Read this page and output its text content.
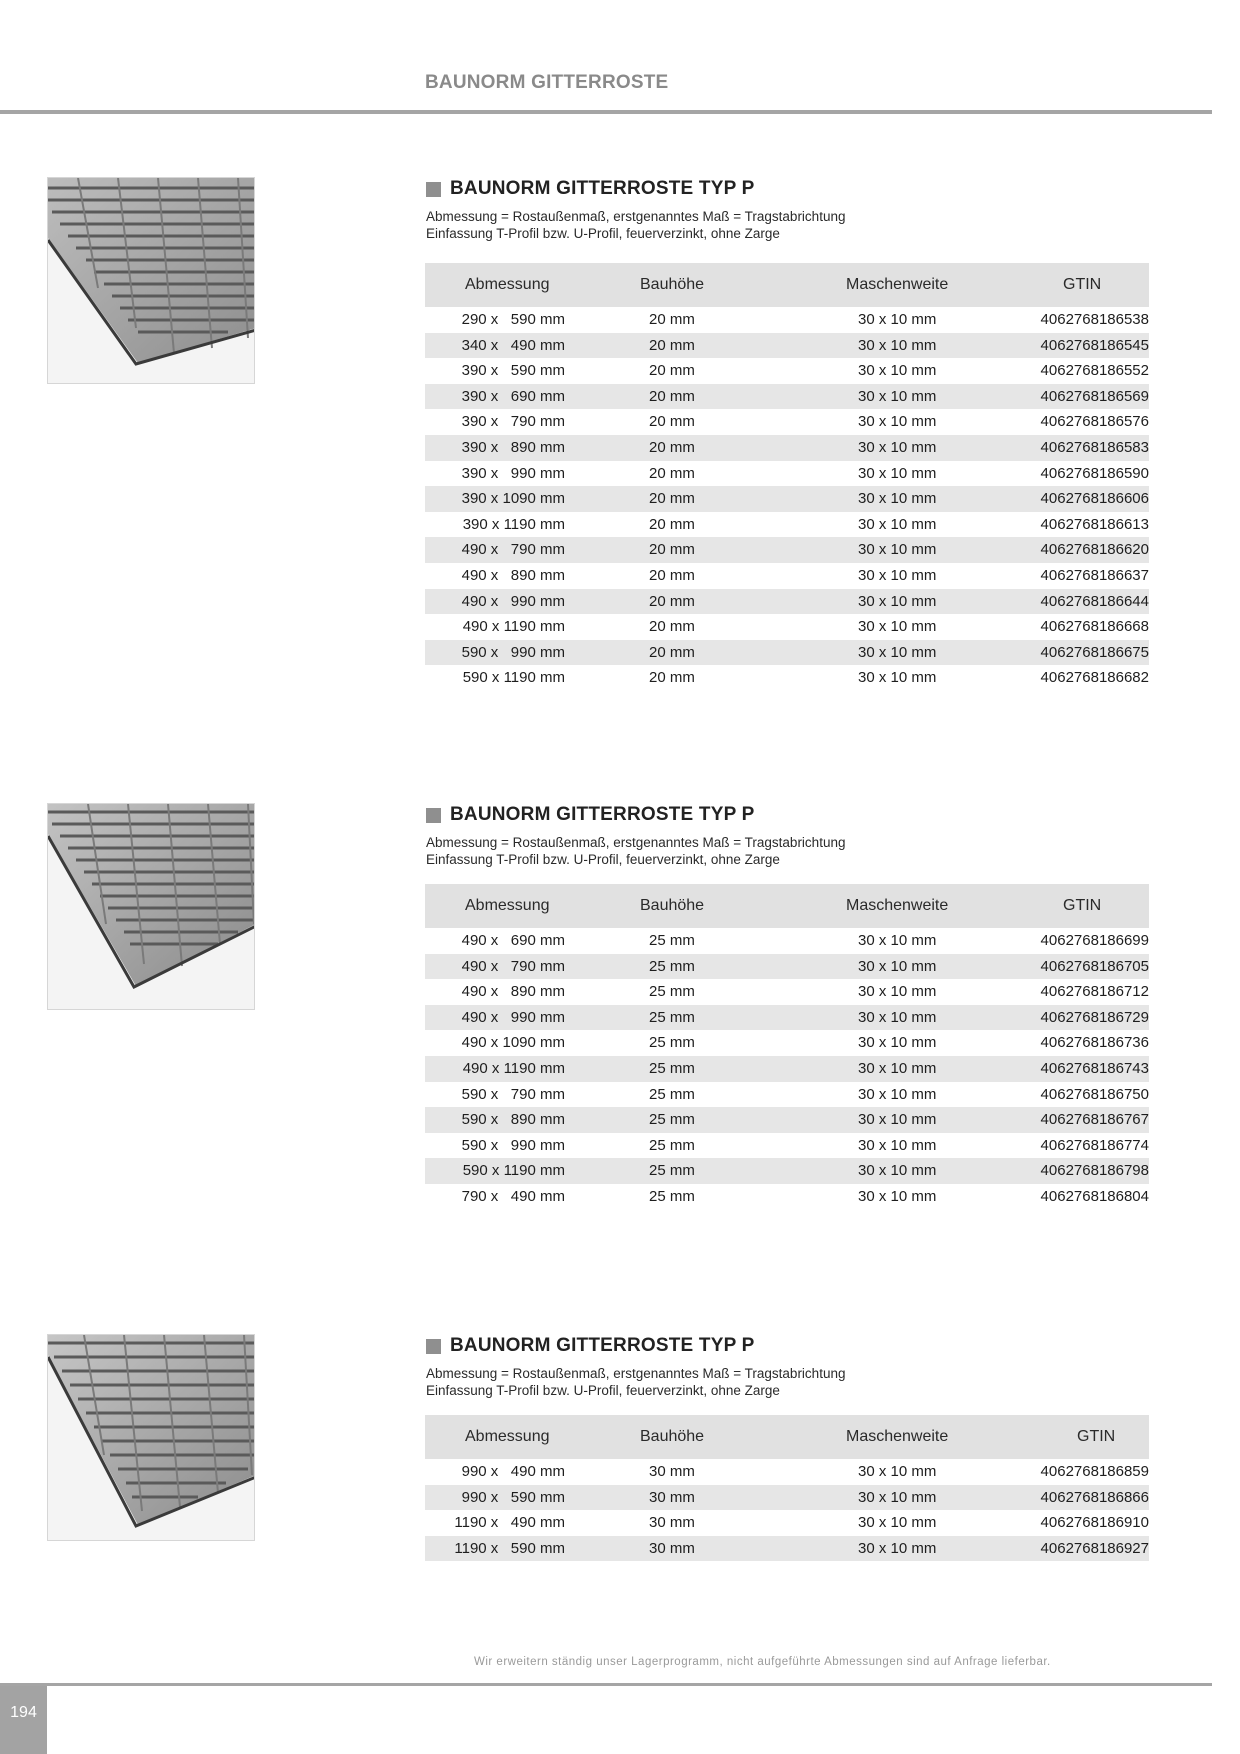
BAUNORM GITTERROSTE
BAUNORM GITTERROSTE TYP P
Abmessung = Rostaußenmaß, erstgenanntes Maß = Tragstabrichtung
Einfassung T-Profil bzw. U-Profil, feuerverzinkt, ohne Zarge
Abmessung	Bauhöhe	Maschenweite	GTIN
290 x   590 mm	20 mm	30 x 10 mm	4062768186538
340 x   490 mm	20 mm	30 x 10 mm	4062768186545
390 x   590 mm	20 mm	30 x 10 mm	4062768186552
390 x   690 mm	20 mm	30 x 10 mm	4062768186569
390 x   790 mm	20 mm	30 x 10 mm	4062768186576
390 x   890 mm	20 mm	30 x 10 mm	4062768186583
390 x   990 mm	20 mm	30 x 10 mm	4062768186590
390 x 1090 mm	20 mm	30 x 10 mm	4062768186606
390 x 1190 mm	20 mm	30 x 10 mm	4062768186613
490 x   790 mm	20 mm	30 x 10 mm	4062768186620
490 x   890 mm	20 mm	30 x 10 mm	4062768186637
490 x   990 mm	20 mm	30 x 10 mm	4062768186644
490 x 1190 mm	20 mm	30 x 10 mm	4062768186668
590 x   990 mm	20 mm	30 x 10 mm	4062768186675
590 x 1190 mm	20 mm	30 x 10 mm	4062768186682
BAUNORM GITTERROSTE TYP P
Abmessung = Rostaußenmaß, erstgenanntes Maß = Tragstabrichtung
Einfassung T-Profil bzw. U-Profil, feuerverzinkt, ohne Zarge
Abmessung	Bauhöhe	Maschenweite	GTIN
490 x   690 mm	25 mm	30 x 10 mm	4062768186699
490 x   790 mm	25 mm	30 x 10 mm	4062768186705
490 x   890 mm	25 mm	30 x 10 mm	4062768186712
490 x   990 mm	25 mm	30 x 10 mm	4062768186729
490 x 1090 mm	25 mm	30 x 10 mm	4062768186736
490 x 1190 mm	25 mm	30 x 10 mm	4062768186743
590 x   790 mm	25 mm	30 x 10 mm	4062768186750
590 x   890 mm	25 mm	30 x 10 mm	4062768186767
590 x   990 mm	25 mm	30 x 10 mm	4062768186774
590 x 1190 mm	25 mm	30 x 10 mm	4062768186798
790 x   490 mm	25 mm	30 x 10 mm	4062768186804
BAUNORM GITTERROSTE TYP P
Abmessung = Rostaußenmaß, erstgenanntes Maß = Tragstabrichtung
Einfassung T-Profil bzw. U-Profil, feuerverzinkt, ohne Zarge
Abmessung	Bauhöhe	Maschenweite	GTIN
990 x   490 mm	30 mm	30 x 10 mm	4062768186859
990 x   590 mm	30 mm	30 x 10 mm	4062768186866
1190 x   490 mm	30 mm	30 x 10 mm	4062768186910
1190 x   590 mm	30 mm	30 x 10 mm	4062768186927
Wir erweitern ständig unser Lagerprogramm, nicht aufgeführte Abmessungen sind auf Anfrage lieferbar.
194
